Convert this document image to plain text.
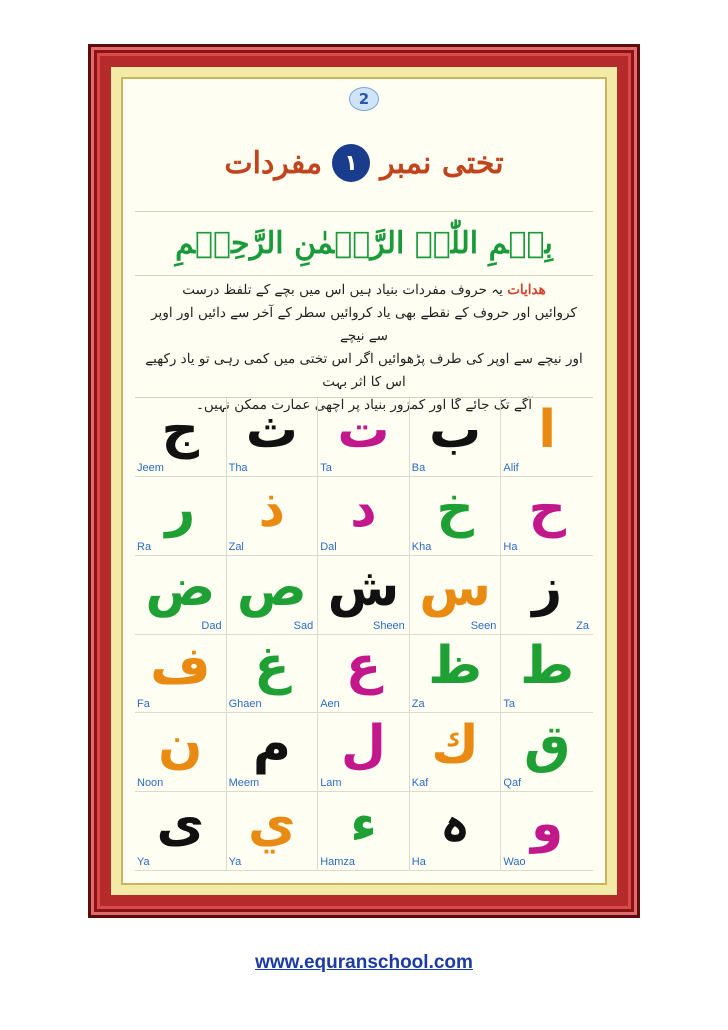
2
تختی نمبر
۱
مفردات
بِسۡمِ اللّٰہِ الرَّحۡمٰنِ الرَّحِیۡمِ
ھدایات یہ حروف مفردات بنیاد ہیں اس میں بچے کے تلفظ درست
کروائیں اور حروف کے نقطے بھی یاد کروائیں سطر کے آخر سے دائیں اور اوپر سے نیچے
اور نیچے سے اوپر کی طرف پڑھوائیں اگر اس تختی میں کمی رہی تو یاد رکھیے اس کا اثر بہت
آگے تک جائے گا اور کمزور بنیاد پر اچھی عمارت ممکن نہیں۔
ج
Jeem
ث
Tha
ت
Ta
ب
Ba
ا
Alif
ر
Ra
ذ
Zal
د
Dal
خ
Kha
ح
Ha
ض
Dad
ص
Sad
ش
Sheen
س
Seen
ز
Za
ف
Fa
غ
Ghaen
ع
Aen
ظ
Za
ط
Ta
ن
Noon
م
Meem
ل
Lam
ك
Kaf
ق
Qaf
ی
Ya
ي
Ya
ء
Hamza
ہ
Ha
و
Wao
www.equranschool.com
